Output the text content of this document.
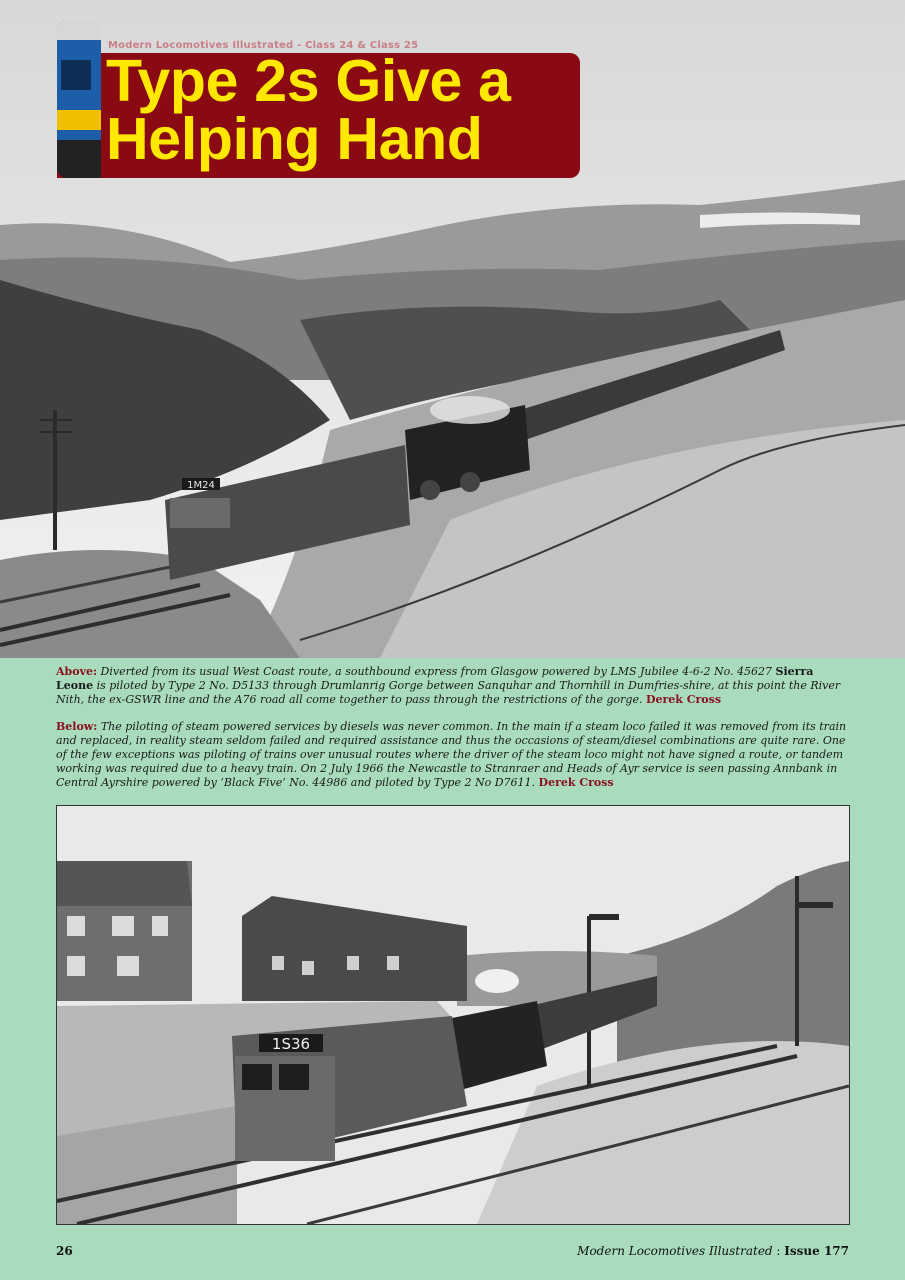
1M24
Modern Locomotives Illustrated - Class 24 & Class 25
Type 2s Give a
Helping Hand

Above: Diverted from its usual West Coast route, a southbound express from Glasgow powered by LMS Jubilee 4-6-2 No. 45627 Sierra Leone is piloted by Type 2 No. D5133 through Drumlanrig Gorge between Sanquhar and Thornhill in Dumfries-shire, at this point the River Nith, the ex-GSWR line and the A76 road all come together to pass through the restrictions of the gorge. Derek Cross

Below: The piloting of steam powered services by diesels was never common. In the main if a steam loco failed it was removed from its train and replaced, in reality steam seldom failed and required assistance and thus the occasions of steam/diesel combinations are quite rare. One of the few exceptions was piloting of trains over unusual routes where the driver of the steam loco might not have signed a route, or tandem working was required due to a heavy train. On 2 July 1966 the Newcastle to Stranraer and Heads of Ayr service is seen passing Annbank in Central Ayrshire powered by ‘Black Five’ No. 44986 and piloted by Type 2 No D7611. Derek Cross

1S36
26	Modern Locomotives Illustrated : Issue 177
